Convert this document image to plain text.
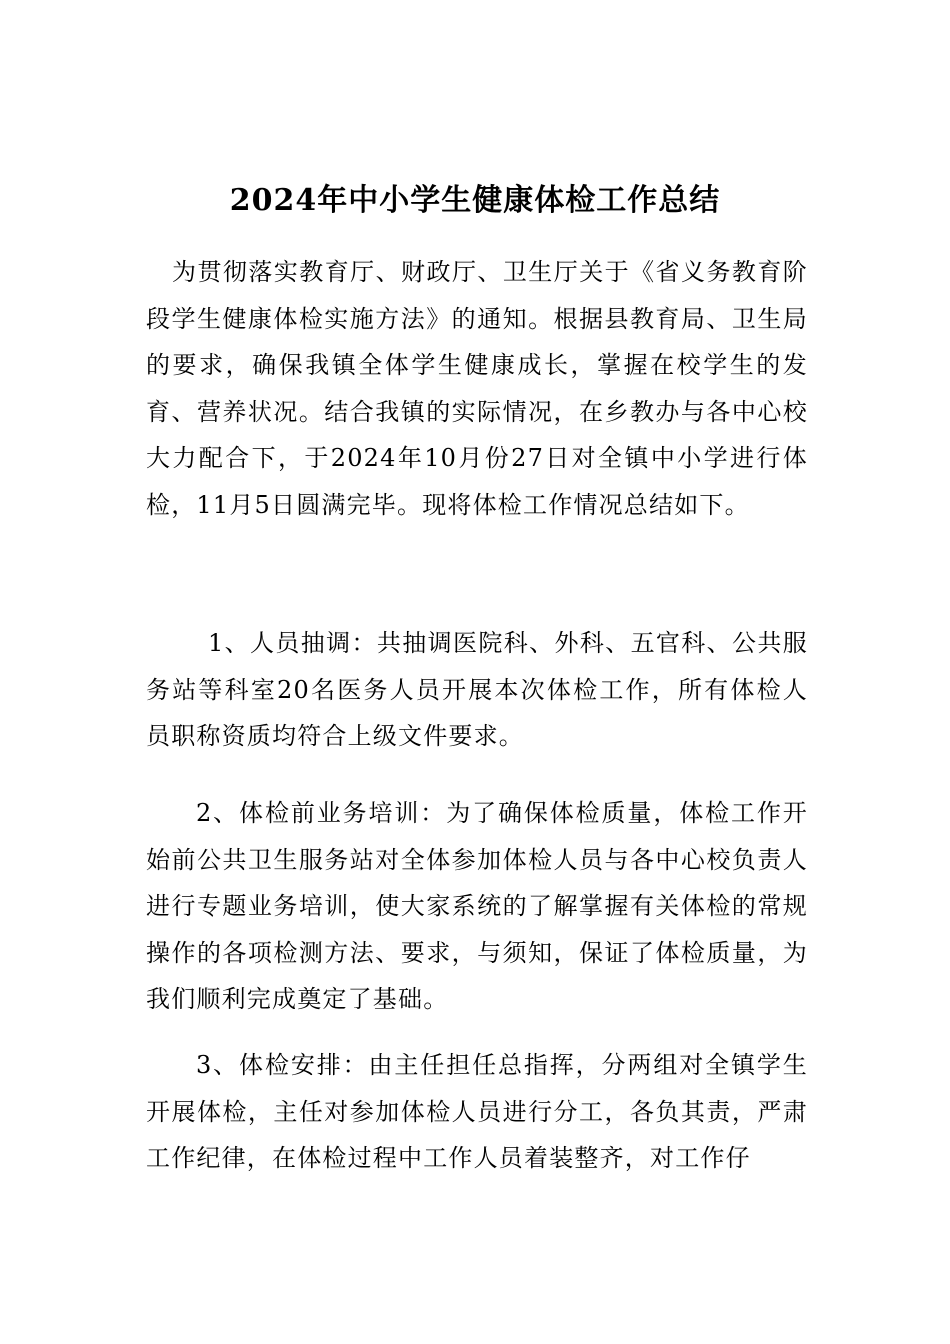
2024年中小学生健康体检工作总结

为贯彻落实教育厅、财政厅、卫生厅关于《省义务教育阶段学生健康体检实施方法》的通知。根据县教育局、卫生局的要求，确保我镇全体学生健康成长，掌握在校学生的发育、营养状况。结合我镇的实际情况，在乡教办与各中心校大力配合下，于2024年10月份27日对全镇中小学进行体检，11月5日圆满完毕。现将体检工作情况总结如下。

1、人员抽调：共抽调医院科、外科、五官科、公共服务站等科室20名医务人员开展本次体检工作，所有体检人员职称资质均符合上级文件要求。

2、体检前业务培训：为了确保体检质量，体检工作开始前公共卫生服务站对全体参加体检人员与各中心校负责人进行专题业务培训，使大家系统的了解掌握有关体检的常规操作的各项检测方法、要求，与须知，保证了体检质量，为我们顺利完成奠定了基础。

3、体检安排：由主任担任总指挥，分两组对全镇学生开展体检，主任对参加体检人员进行分工，各负其责，严肃工作纪律，在体检过程中工作人员着装整齐，对工作仔
